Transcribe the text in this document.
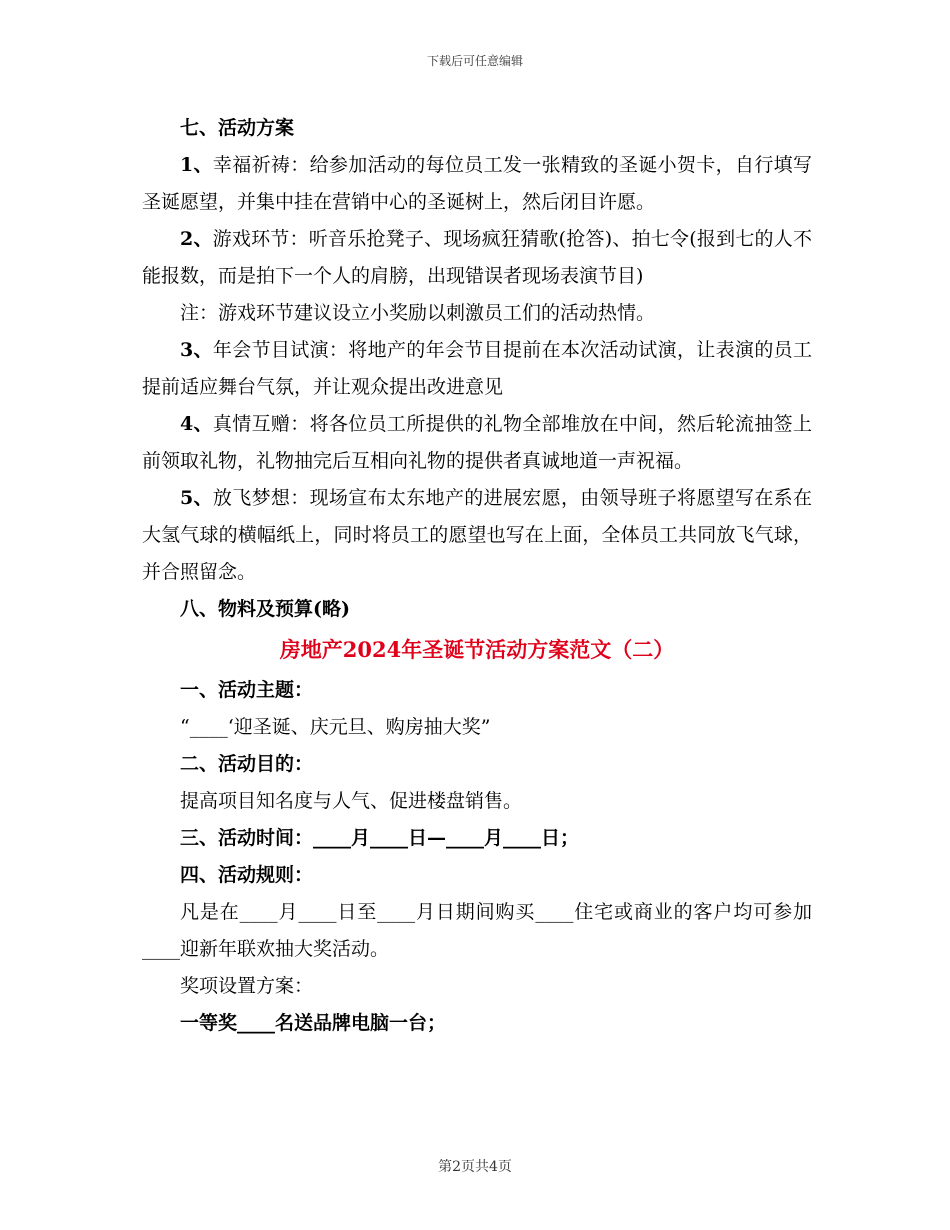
下载后可任意编辑

七、活动方案

1、幸福祈祷：给参加活动的每位员工发一张精致的圣诞小贺卡，自行填写圣诞愿望，并集中挂在营销中心的圣诞树上，然后闭目许愿。

2、游戏环节：听音乐抢凳子、现场疯狂猜歌(抢答)、拍七令(报到七的人不能报数，而是拍下一个人的肩膀，出现错误者现场表演节目)

注：游戏环节建议设立小奖励以刺激员工们的活动热情。

3、年会节目试演：将地产的年会节目提前在本次活动试演，让表演的员工提前适应舞台气氛，并让观众提出改进意见

4、真情互赠：将各位员工所提供的礼物全部堆放在中间，然后轮流抽签上前领取礼物，礼物抽完后互相向礼物的提供者真诚地道一声祝福。

5、放飞梦想：现场宣布太东地产的进展宏愿，由领导班子将愿望写在系在大氢气球的横幅纸上，同时将员工的愿望也写在上面，全体员工共同放飞气球，并合照留念。

八、物料及预算(略)

房地产2024年圣诞节活动方案范文（二）

一、活动主题：

“____‘迎圣诞、庆元旦、购房抽大奖”

二、活动目的：

提高项目知名度与人气、促进楼盘销售。

三、活动时间：____月____日—____月____日；

四、活动规则：

凡是在____月____日至____月日期间购买____住宅或商业的客户均可参加____迎新年联欢抽大奖活动。

奖项设置方案：

一等奖____名送品牌电脑一台；

第2页共4页
